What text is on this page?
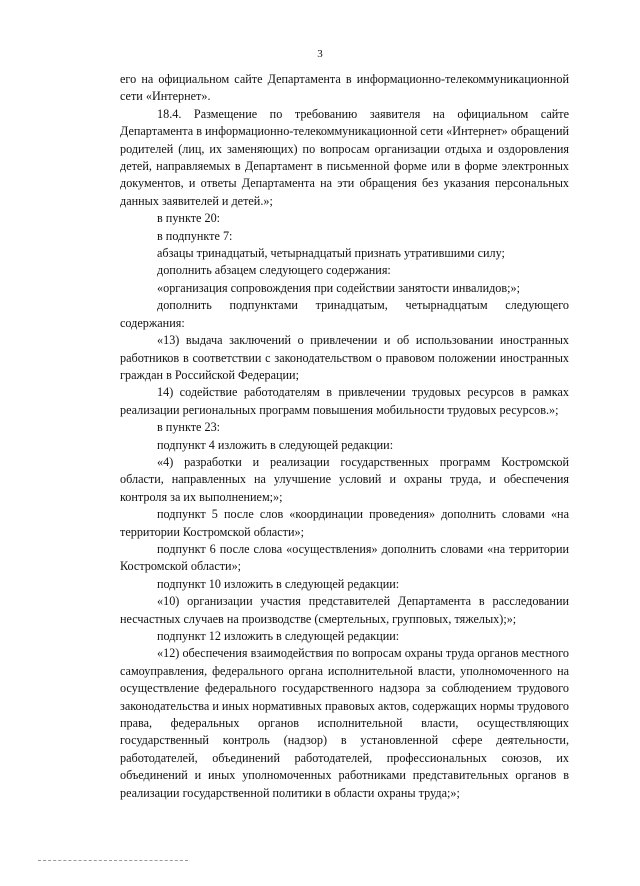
3

его на официальном сайте Департамента в информационно-телекоммуникационной сети «Интернет».

18.4. Размещение по требованию заявителя на официальном сайте Департамента в информационно-телекоммуникационной сети «Интернет» обращений родителей (лиц, их заменяющих) по вопросам организации отдыха и оздоровления детей, направляемых в Департамент в письменной форме или в форме электронных документов, и ответы Департамента на эти обращения без указания персональных данных заявителей и детей.»;

в пункте 20:

в подпункте 7:

абзацы тринадцатый, четырнадцатый признать утратившими силу;

дополнить абзацем следующего содержания:

«организация сопровождения при содействии занятости инвалидов;»;

дополнить подпунктами тринадцатым, четырнадцатым следующего содержания:

«13) выдача заключений о привлечении и об использовании иностранных работников в соответствии с законодательством о правовом положении иностранных граждан в Российской Федерации;

14) содействие работодателям в привлечении трудовых ресурсов в рамках реализации региональных программ повышения мобильности трудовых ресурсов.»;

в пункте 23:

подпункт 4 изложить в следующей редакции:

«4) разработки и реализации государственных программ Костромской области, направленных на улучшение условий и охраны труда, и обеспечения контроля за их выполнением;»;

подпункт 5 после слов «координации проведения» дополнить словами «на территории Костромской области»;

подпункт 6 после слова «осуществления» дополнить словами «на территории Костромской области»;

подпункт 10 изложить в следующей редакции:

«10) организации участия представителей Департамента в расследовании несчастных случаев на производстве (смертельных, групповых, тяжелых);»;

подпункт 12 изложить в следующей редакции:

«12) обеспечения взаимодействия по вопросам охраны труда органов местного самоуправления, федерального органа исполнительной власти, уполномоченного на осуществление федерального государственного надзора за соблюдением трудового законодательства и иных нормативных правовых актов, содержащих нормы трудового права, федеральных органов исполнительной власти, осуществляющих государственный контроль (надзор) в установленной сфере деятельности, работодателей, объединений работодателей, профессиональных союзов, их объединений и иных уполномоченных работниками представительных органов в реализации государственной политики в области охраны труда;»;
